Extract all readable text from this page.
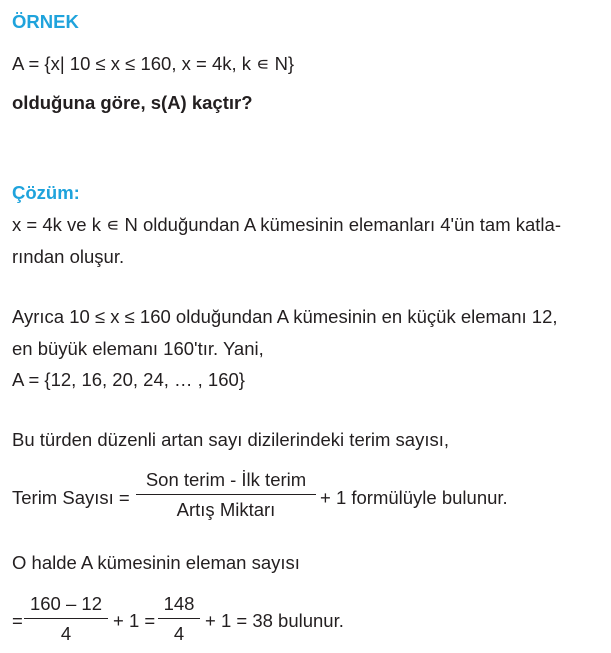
ÖRNEK
A = {x| 10 ≤ x ≤ 160, x = 4k, k ∊ N}
olduğuna göre, s(A) kaçtır?
Çözüm:
x = 4k ve k ∊ N olduğundan A kümesinin elemanları 4'ün tam katla-
rından oluşur.
Ayrıca 10 ≤ x ≤ 160 olduğundan A kümesinin en küçük elemanı 12,
en büyük elemanı 160'tır. Yani,
A = {12, 16, 20, 24, … , 160}
Bu türden düzenli artan sayı dizilerindeki terim sayısı,
Terim Sayısı =
Son terim - İlk terim
Artış Miktarı
+ 1 formülüyle bulunur.
O halde A kümesinin eleman sayısı
=
160 – 12
4
+ 1 =
148
4
+ 1 = 38 bulunur.
